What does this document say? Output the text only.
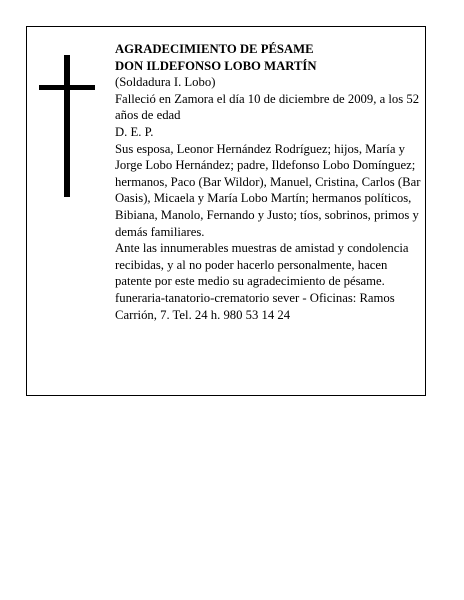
AGRADECIMIENTO DE PÉSAME

DON ILDEFONSO LOBO MARTÍN

(Soldadura I. Lobo)

Falleció en Zamora el día 10 de diciembre de 2009, a los 52 años de edad

D. E. P.

Sus esposa, Leonor Hernández Rodríguez; hijos, María y Jorge Lobo Hernández; padre, Ildefonso Lobo Domínguez; hermanos, Paco (Bar Wildor), Manuel, Cristina, Carlos (Bar Oasis), Micaela y María Lobo Martín; hermanos políticos, Bibiana, Manolo, Fernando y Justo; tíos, sobrinos, primos y demás familiares.

Ante las innumerables muestras de amistad y condolencia recibidas, y al no poder hacerlo personalmente, hacen patente por este medio su agradecimiento de pésame.

funeraria-tanatorio-crematorio sever - Oficinas: Ramos Carrión, 7. Tel. 24 h. 980 53 14 24
